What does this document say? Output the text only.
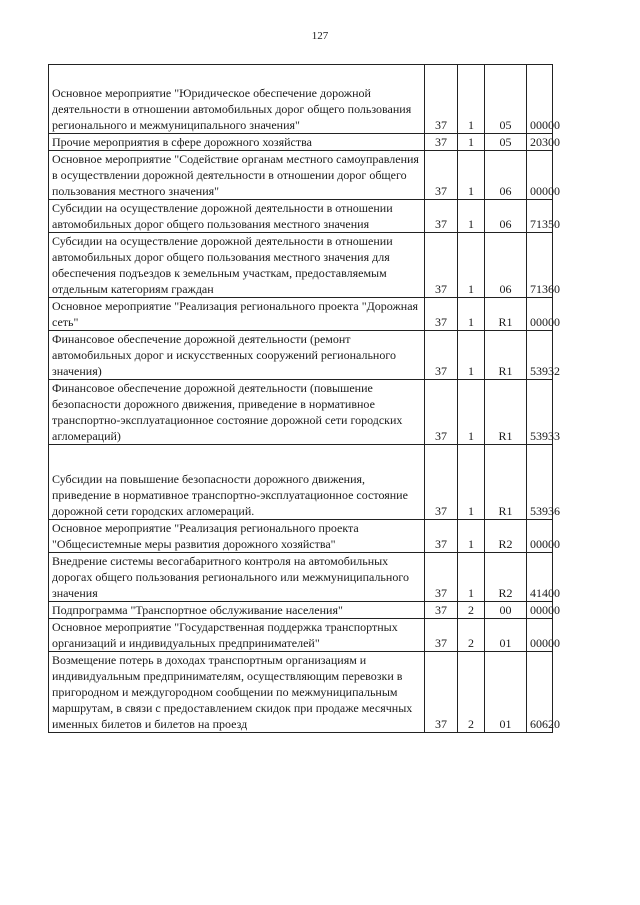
127
Основное мероприятие "Юридическое обеспечение дорожной деятельности в отношении автомобильных дорог общего пользования регионального и межмуниципального значения"	37	1	05	00000
Прочие мероприятия в сфере дорожного хозяйства	37	1	05	20300
Основное мероприятие "Содействие органам местного самоуправления в осуществлении дорожной деятельности в отношении дорог общего пользования местного значения"	37	1	06	00000
Субсидии на осуществление дорожной деятельности в отношении автомобильных дорог общего пользования местного значения	37	1	06	71350
Субсидии на осуществление дорожной деятельности в отношении автомобильных дорог общего пользования местного значения для обеспечения подъездов к земельным участкам, предоставляемым отдельным категориям граждан	37	1	06	71360
Основное мероприятие "Реализация регионального проекта "Дорожная сеть"	37	1	R1	00000
Финансовое обеспечение дорожной деятельности (ремонт автомобильных дорог и искусственных сооружений регионального значения)	37	1	R1	53932
Финансовое обеспечение дорожной деятельности (повышение безопасности дорожного движения, приведение в нормативное транспортно-эксплуатационное состояние дорожной сети городских агломераций)	37	1	R1	53933
Субсидии на повышение безопасности дорожного движения, приведение в нормативное транспортно-эксплуатационное состояние дорожной сети городских агломераций.	37	1	R1	53936
Основное мероприятие "Реализация регионального проекта "Общесистемные меры развития дорожного хозяйства"	37	1	R2	00000
Внедрение системы весогабаритного контроля на автомобильных дорогах общего пользования регионального или межмуниципального значения	37	1	R2	41400
Подпрограмма "Транспортное обслуживание населения"	37	2	00	00000
Основное мероприятие "Государственная поддержка транспортных организаций и индивидуальных предпринимателей"	37	2	01	00000
Возмещение потерь в доходах транспортным организациям и индивидуальным предпринимателям, осуществляющим перевозки в пригородном и междугородном сообщении по межмуниципальным маршрутам, в связи с предоставлением скидок при продаже месячных именных билетов и билетов на проезд	37	2	01	60620
